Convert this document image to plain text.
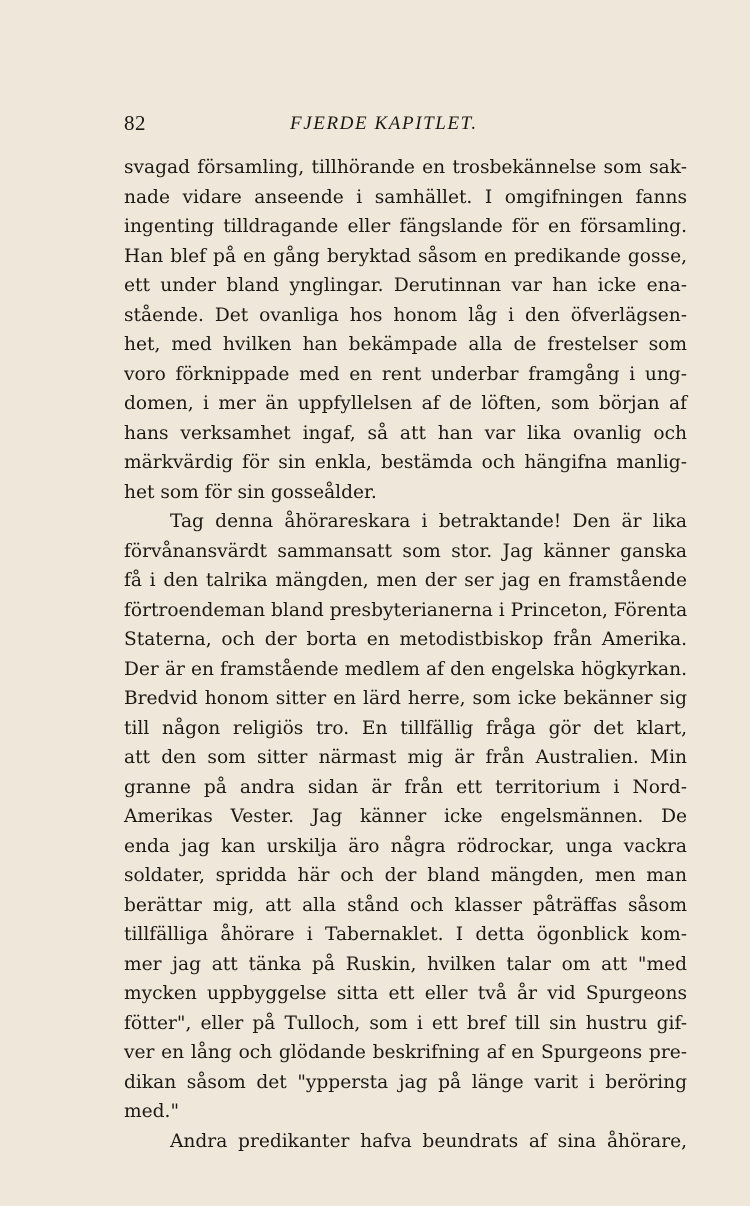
82	FJERDE KAPITLET.
svagad församling, tillhörande en trosbekännelse som sak-
nade vidare anseende i samhället. I omgifningen fanns
ingenting tilldragande eller fängslande för en församling.
Han blef på en gång beryktad såsom en predikande gosse,
ett under bland ynglingar. Derutinnan var han icke ena-
stående. Det ovanliga hos honom låg i den öfverlägsen-
het, med hvilken han bekämpade alla de frestelser som
voro förknippade med en rent underbar framgång i ung-
domen, i mer än uppfyllelsen af de löften, som början af
hans verksamhet ingaf, så att han var lika ovanlig och
märkvärdig för sin enkla, bestämda och hängifna manlig-
het som för sin gosseålder.
Tag denna åhörareskara i betraktande! Den är lika
förvånansvärdt sammansatt som stor. Jag känner ganska
få i den talrika mängden, men der ser jag en framstående
förtroendeman bland presbyterianerna i Princeton, Förenta
Staterna, och der borta en metodistbiskop från Amerika.
Der är en framstående medlem af den engelska högkyrkan.
Bredvid honom sitter en lärd herre, som icke bekänner sig
till någon religiös tro. En tillfällig fråga gör det klart,
att den som sitter närmast mig är från Australien. Min
granne på andra sidan är från ett territorium i Nord-
Amerikas Vester. Jag känner icke engelsmännen. De
enda jag kan urskilja äro några rödrockar, unga vackra
soldater, spridda här och der bland mängden, men man
berättar mig, att alla stånd och klasser påträffas såsom
tillfälliga åhörare i Tabernaklet. I detta ögonblick kom-
mer jag att tänka på Ruskin, hvilken talar om att "med
mycken uppbyggelse sitta ett eller två år vid Spurgeons
fötter", eller på Tulloch, som i ett bref till sin hustru gif-
ver en lång och glödande beskrifning af en Spurgeons pre-
dikan såsom det "yppersta jag på länge varit i beröring
med."
Andra predikanter hafva beundrats af sina åhörare,
